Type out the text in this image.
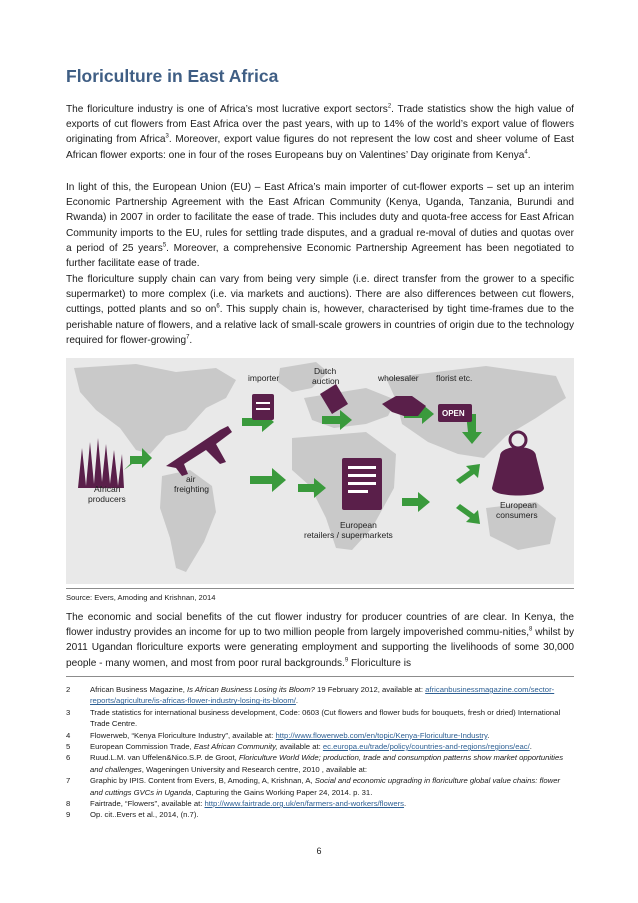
Floriculture in East Africa

The floriculture industry is one of Africa’s most lucrative export sectors$^2$. Trade statistics show the high value of exports of cut flowers from East Africa over the past years, with up to 14% of the world’s export value of flowers originating from Africa$^3$. Moreover, export value figures do not represent the low cost and sheer volume of East African flower exports: one in four of the roses Europeans buy on Valentines’ Day originate from Kenya$^4$.

In light of this, the European Union (EU) – East Africa’s main importer of cut-flower exports – set up an interim Economic Partnership Agreement with the East African Community (Kenya, Uganda, Tanzania, Burundi and Rwanda) in 2007 in order to facilitate the ease of trade. This includes duty and quota-free access for East African Community imports to the EU, rules for settling trade disputes, and a gradual re-moval of duties and quotas over a period of 25 years$^5$. Moreover, a comprehensive Economic Partnership Agreement has been negotiated to further facilitate ease of trade.

The floriculture supply chain can vary from being very simple (i.e. direct transfer from the grower to a specific supermarket) to more complex (i.e. via markets and auctions). There are also differences between cut flowers, cuttings, potted plants and so $on^6$. This supply chain is, however, characterised by tight time-frames due to the perishable nature of flowers, and a relative lack of small-scale growers in countries of origin due to the technology required for flower-growing$^7$.

importer
Dutch
auction	wholesaler florist etc.
OPEN
African
producers
air
freighting
European
consumers
European
retailers / supermarkets
Source: Evers, Amoding and Krishnan, 2014

The economic and social benefits of the cut flower industry for producer countries of are clear. In Kenya, the flower industry provides an income for up to two million people from largely impoverished commu-nities,$^8$ whilst by 2011 Ugandan floriculture exports were generating employment and supporting the livelihoods of some 30,000 people - many women, and most from poor rural backgrounds.$^9$ Floriculture is

2	African Business Magazine, Is African Business Losing its Bloom? 19 February 2012, available at: africanbusinessmagazine.com/sector-reports/agriculture/is-africas-flower-industry-losing-its-bloom/.
3	Trade statistics for international business development, Code: 0603 (Cut flowers and flower buds for bouquets, fresh or dried) International Trade Centre.
4	Flowerweb, “Kenya Floriculture Industry”, available at: http://www.flowerweb.com/en/topic/Kenya-Floriculture-Industry.
5	European Commission Trade, East African Community, available at: ec.europa.eu/trade/policy/countries-and-regions/regions/eac/.
6	Ruud.L.M. van Uffelen&Nico.S.P. de Groot, Floriculture World Wide; production, trade and consumption patterns show market opportunities and challenges, Wageningen University and Research centre, 2010 , available at:
7	Graphic by IPIS. Content from Evers, B, Amoding, A, Krishnan, A, Social and economic upgrading in floriculture global value chains: flower and cuttings GVCs in Uganda, Capturing the Gains Working Paper 24, 2014. p. 31.
8	Fairtrade, “Flowers”, available at: http://www.fairtrade.org.uk/en/farmers-and-workers/flowers.
9	Op. cit..Evers et al., 2014, (n.7).
6
